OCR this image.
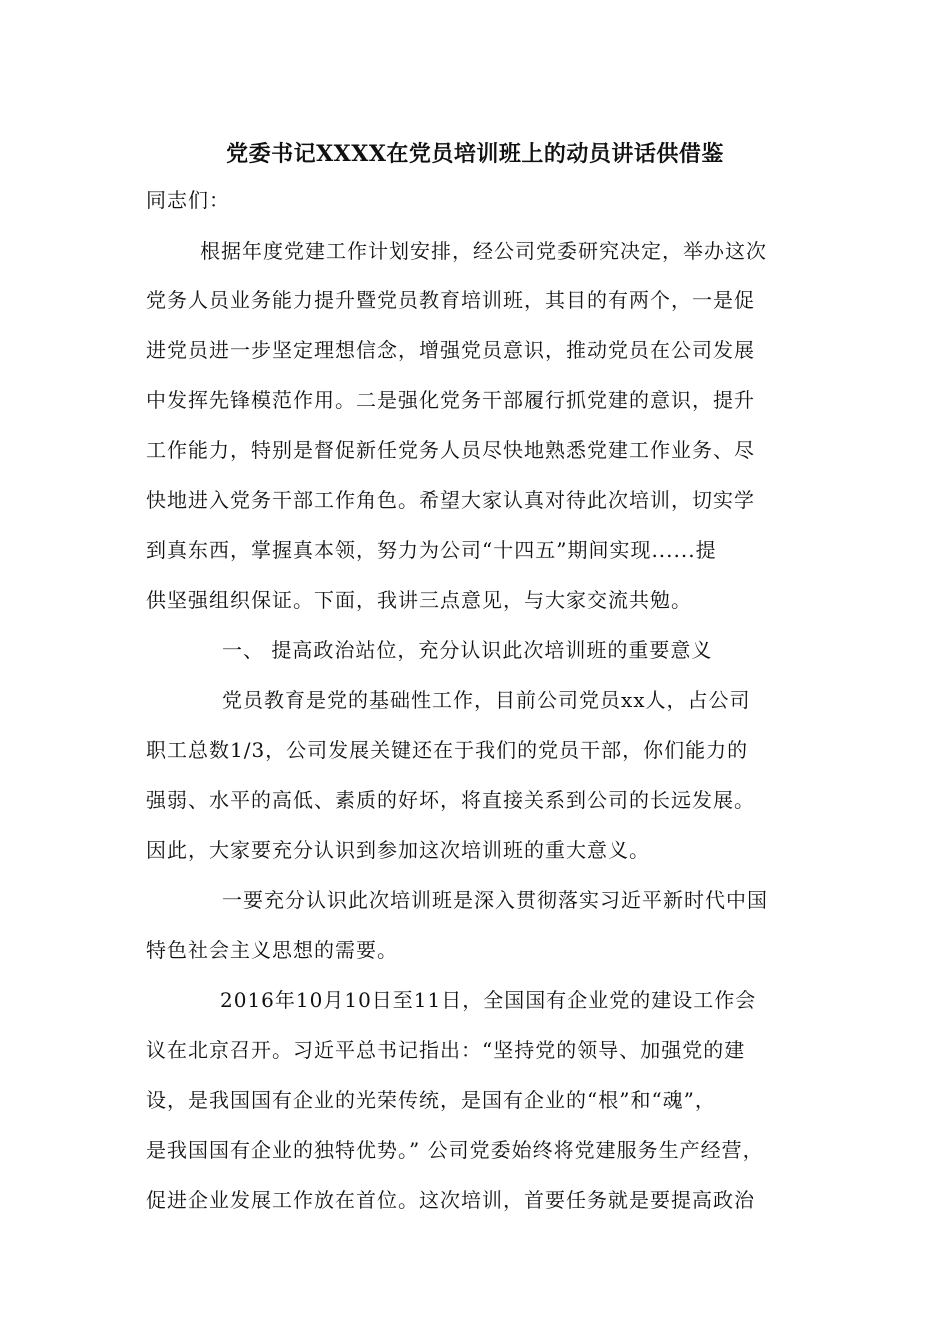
党委书记XXXX在党员培训班上的动员讲话供借鉴
同志们：
根据年度党建工作计划安排，经公司党委研究决定，举办这次
党务人员业务能力提升暨党员教育培训班，其目的有两个，一是促
进党员进一步坚定理想信念，增强党员意识，推动党员在公司发展
中发挥先锋模范作用。二是强化党务干部履行抓党建的意识，提升
工作能力，特别是督促新任党务人员尽快地熟悉党建工作业务、尽
快地进入党务干部工作角色。希望大家认真对待此次培训，切实学
到真东西，掌握真本领，努力为公司“十四五”期间实现......提
供坚强组织保证。下面，我讲三点意见，与大家交流共勉。
一、 提高政治站位，充分认识此次培训班的重要意义
党员教育是党的基础性工作，目前公司党员xx人，占公司
职工总数1/3，公司发展关键还在于我们的党员干部，你们能力的
强弱、水平的高低、素质的好坏，将直接关系到公司的长远发展。
因此，大家要充分认识到参加这次培训班的重大意义。
一要充分认识此次培训班是深入贯彻落实习近平新时代中国
特色社会主义思想的需要。
2016年10月10日至11日，全国国有企业党的建设工作会
议在北京召开。习近平总书记指出：“坚持党的领导、加强党的建
设，是我国国有企业的光荣传统，是国有企业的“根”和“魂”，
是我国国有企业的独特优势。” 公司党委始终将党建服务生产经营，
促进企业发展工作放在首位。这次培训，首要任务就是要提高政治
